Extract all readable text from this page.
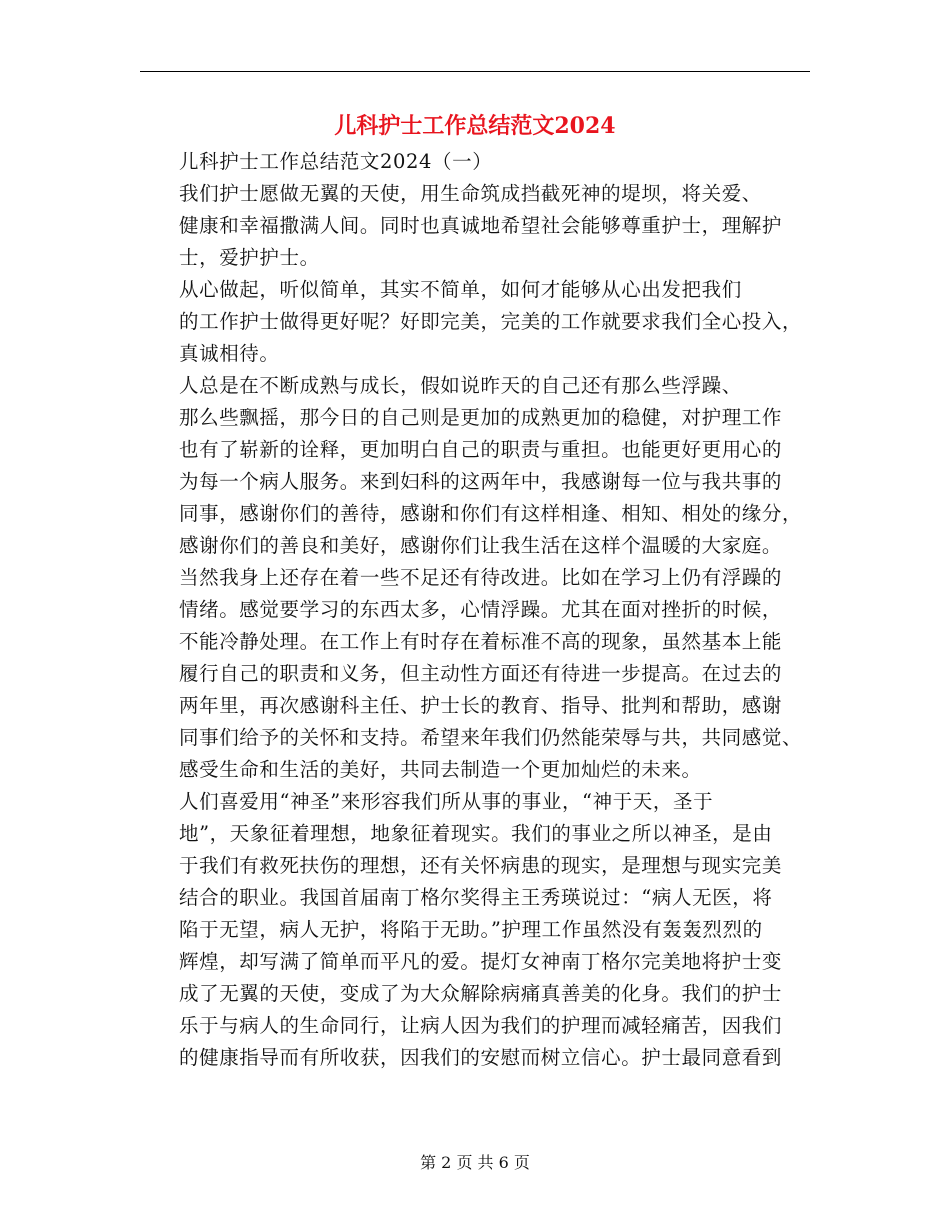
儿科护士工作总结范文2024

儿科护士工作总结范文2024（一）

我们护士愿做无翼的天使，用生命筑成挡截死神的堤坝，将关爱、
健康和幸福撒满人间。同时也真诚地希望社会能够尊重护士，理解护
士，爱护护士。

从心做起，听似简单，其实不简单，如何才能够从心出发把我们
的工作护士做得更好呢？好即完美，完美的工作就要求我们全心投入，
真诚相待。

人总是在不断成熟与成长，假如说昨天的自己还有那么些浮躁、
那么些飘摇，那今日的自己则是更加的成熟更加的稳健，对护理工作
也有了崭新的诠释，更加明白自己的职责与重担。也能更好更用心的
为每一个病人服务。来到妇科的这两年中，我感谢每一位与我共事的
同事，感谢你们的善待，感谢和你们有这样相逢、相知、相处的缘分，
感谢你们的善良和美好，感谢你们让我生活在这样个温暖的大家庭。
当然我身上还存在着一些不足还有待改进。比如在学习上仍有浮躁的
情绪。感觉要学习的东西太多，心情浮躁。尤其在面对挫折的时候，
不能冷静处理。在工作上有时存在着标准不高的现象，虽然基本上能
履行自己的职责和义务，但主动性方面还有待进一步提高。在过去的
两年里，再次感谢科主任、护士长的教育、指导、批判和帮助，感谢
同事们给予的关怀和支持。希望来年我们仍然能荣辱与共，共同感觉、
感受生命和生活的美好，共同去制造一个更加灿烂的未来。

人们喜爱用“神圣”来形容我们所从事的事业，“神于天，圣于
地”，天象征着理想，地象征着现实。我们的事业之所以神圣，是由
于我们有救死扶伤的理想，还有关怀病患的现实，是理想与现实完美
结合的职业。我国首届南丁格尔奖得主王秀瑛说过：“病人无医，将
陷于无望，病人无护，将陷于无助。”护理工作虽然没有轰轰烈烈的
辉煌，却写满了简单而平凡的爱。提灯女神南丁格尔完美地将护士变
成了无翼的天使，变成了为大众解除病痛真善美的化身。我们的护士
乐于与病人的生命同行，让病人因为我们的护理而减轻痛苦，因我们
的健康指导而有所收获，因我们的安慰而树立信心。护士最同意看到

第 2 页 共 6 页
